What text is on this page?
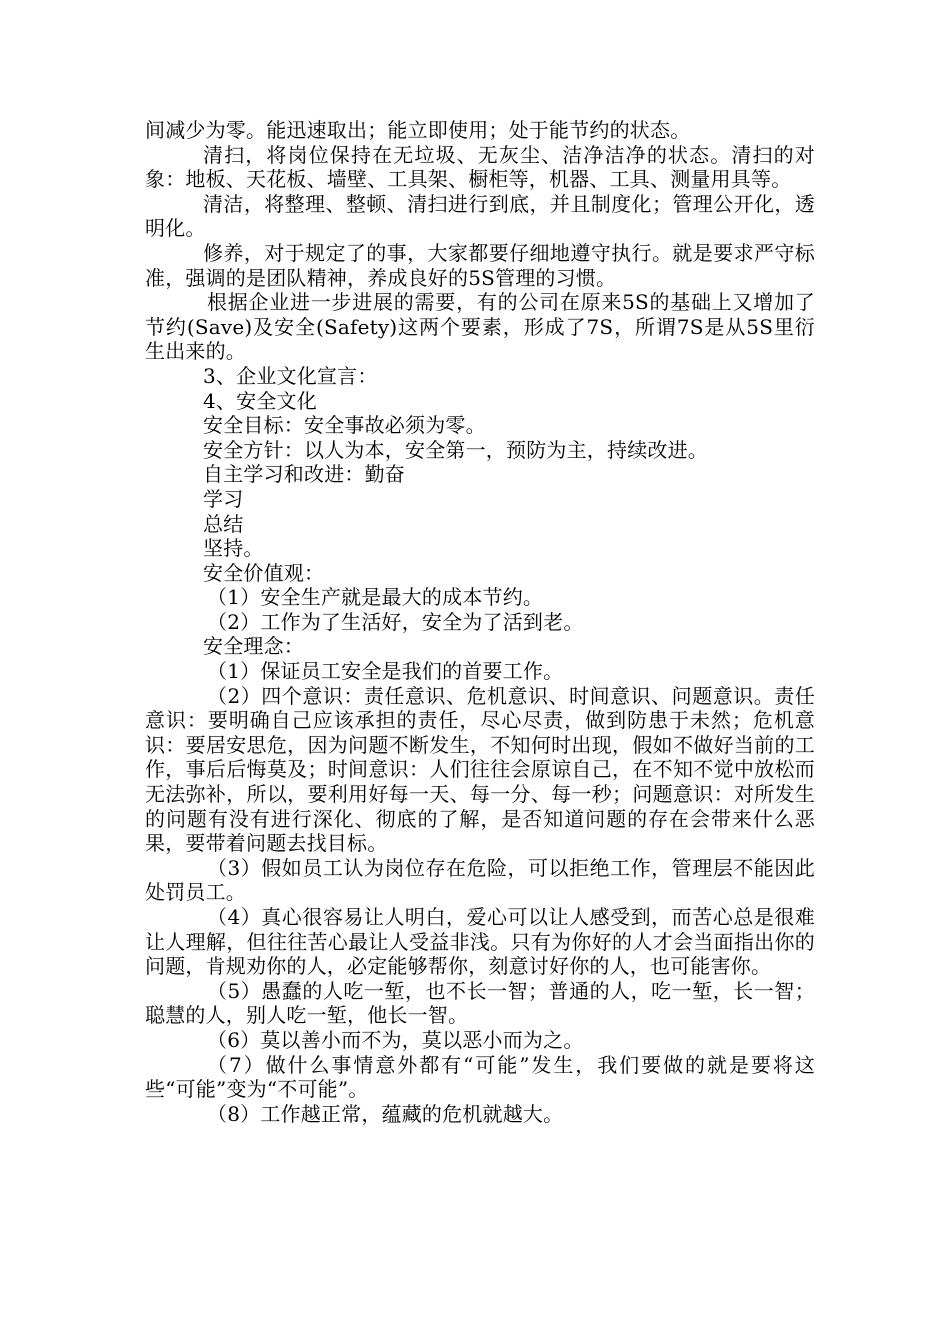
间减少为零。能迅速取出；能立即使用；处于能节约的状态。

清扫，将岗位保持在无垃圾、无灰尘、洁净洁净的状态。清扫的对象：地板、天花板、墙壁、工具架、橱柜等，机器、工具、测量用具等。

清洁，将整理、整顿、清扫进行到底，并且制度化；管理公开化，透明化。

修养，对于规定了的事，大家都要仔细地遵守执行。就是要求严守标准，强调的是团队精神，养成良好的5S管理的习惯。

根据企业进一步进展的需要，有的公司在原来5S的基础上又增加了节约(Save)及安全(Safety)这两个要素，形成了7S，所谓7S是从5S里衍生出来的。

3、企业文化宣言：

4、安全文化

安全目标：安全事故必须为零。

安全方针：以人为本，安全第一，预防为主，持续改进。

自主学习和改进：勤奋

学习

总结

坚持。

安全价值观：

（1）安全生产就是最大的成本节约。

（2）工作为了生活好，安全为了活到老。

安全理念：

（1）保证员工安全是我们的首要工作。

（2）四个意识：责任意识、危机意识、时间意识、问题意识。责任意识：要明确自己应该承担的责任，尽心尽责，做到防患于未然；危机意识：要居安思危，因为问题不断发生，不知何时出现，假如不做好当前的工作，事后后悔莫及；时间意识：人们往往会原谅自己，在不知不觉中放松而无法弥补，所以，要利用好每一天、每一分、每一秒；问题意识：对所发生的问题有没有进行深化、彻底的了解，是否知道问题的存在会带来什么恶果，要带着问题去找目标。

（3）假如员工认为岗位存在危险，可以拒绝工作，管理层不能因此处罚员工。

（4）真心很容易让人明白，爱心可以让人感受到，而苦心总是很难让人理解，但往往苦心最让人受益非浅。只有为你好的人才会当面指出你的问题，肯规劝你的人，必定能够帮你，刻意讨好你的人，也可能害你。

（5）愚蠢的人吃一堑，也不长一智；普通的人，吃一堑，长一智；聪慧的人，别人吃一堑，他长一智。

（6）莫以善小而不为，莫以恶小而为之。

（7）做什么事情意外都有“可能”发生，我们要做的就是要将这些“可能”变为“不可能”。

（8）工作越正常，蕴藏的危机就越大。
